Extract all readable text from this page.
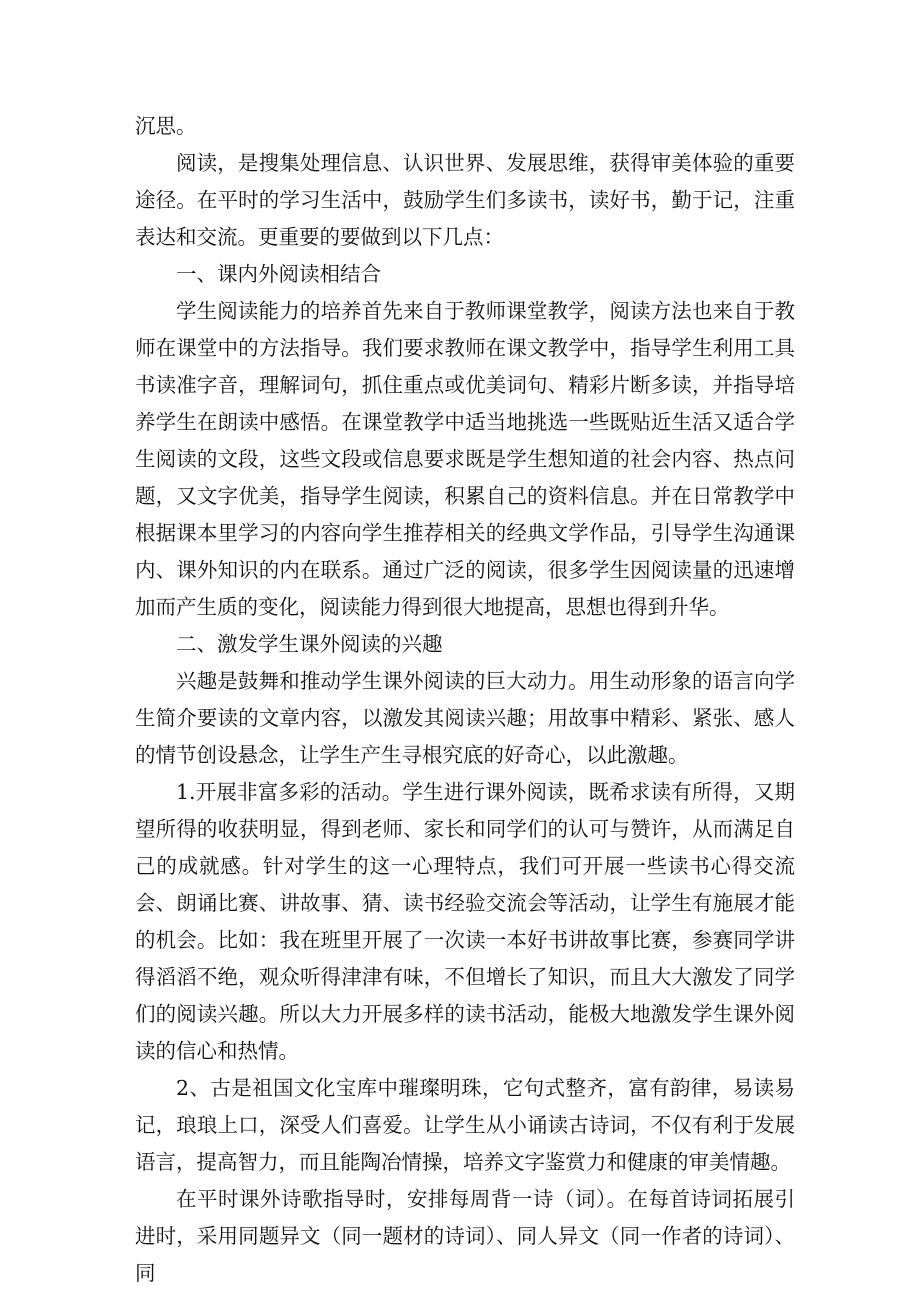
沉思。

阅读，是搜集处理信息、认识世界、发展思维，获得审美体验的重要途径。在平时的学习生活中，鼓励学生们多读书，读好书，勤于记，注重表达和交流。更重要的要做到以下几点：

一、课内外阅读相结合

学生阅读能力的培养首先来自于教师课堂教学，阅读方法也来自于教师在课堂中的方法指导。我们要求教师在课文教学中，指导学生利用工具书读准字音，理解词句，抓住重点或优美词句、精彩片断多读，并指导培养学生在朗读中感悟。在课堂教学中适当地挑选一些既贴近生活又适合学生阅读的文段，这些文段或信息要求既是学生想知道的社会内容、热点问题，又文字优美，指导学生阅读，积累自己的资料信息。并在日常教学中根据课本里学习的内容向学生推荐相关的经典文学作品，引导学生沟通课内、课外知识的内在联系。通过广泛的阅读，很多学生因阅读量的迅速增加而产生质的变化，阅读能力得到很大地提高，思想也得到升华。

二、激发学生课外阅读的兴趣

兴趣是鼓舞和推动学生课外阅读的巨大动力。用生动形象的语言向学生简介要读的文章内容，以激发其阅读兴趣；用故事中精彩、紧张、感人的情节创设悬念，让学生产生寻根究底的好奇心，以此激趣。

1.开展非富多彩的活动。学生进行课外阅读，既希求读有所得，又期望所得的收获明显，得到老师、家长和同学们的认可与赞许，从而满足自己的成就感。针对学生的这一心理特点，我们可开展一些读书心得交流会、朗诵比赛、讲故事、猜、读书经验交流会等活动，让学生有施展才能的机会。比如：我在班里开展了一次读一本好书讲故事比赛，参赛同学讲得滔滔不绝，观众听得津津有味，不但增长了知识，而且大大激发了同学们的阅读兴趣。所以大力开展多样的读书活动，能极大地激发学生课外阅读的信心和热情。

2、古是祖国文化宝库中璀璨明珠，它句式整齐，富有韵律，易读易记，琅琅上口，深受人们喜爱。让学生从小诵读古诗词，不仅有利于发展语言，提高智力，而且能陶冶情操，培养文字鉴赏力和健康的审美情趣。

在平时课外诗歌指导时，安排每周背一诗（词）。在每首诗词拓展引进时，采用同题异文（同一题材的诗词）、同人异文（同一作者的诗词）、同
